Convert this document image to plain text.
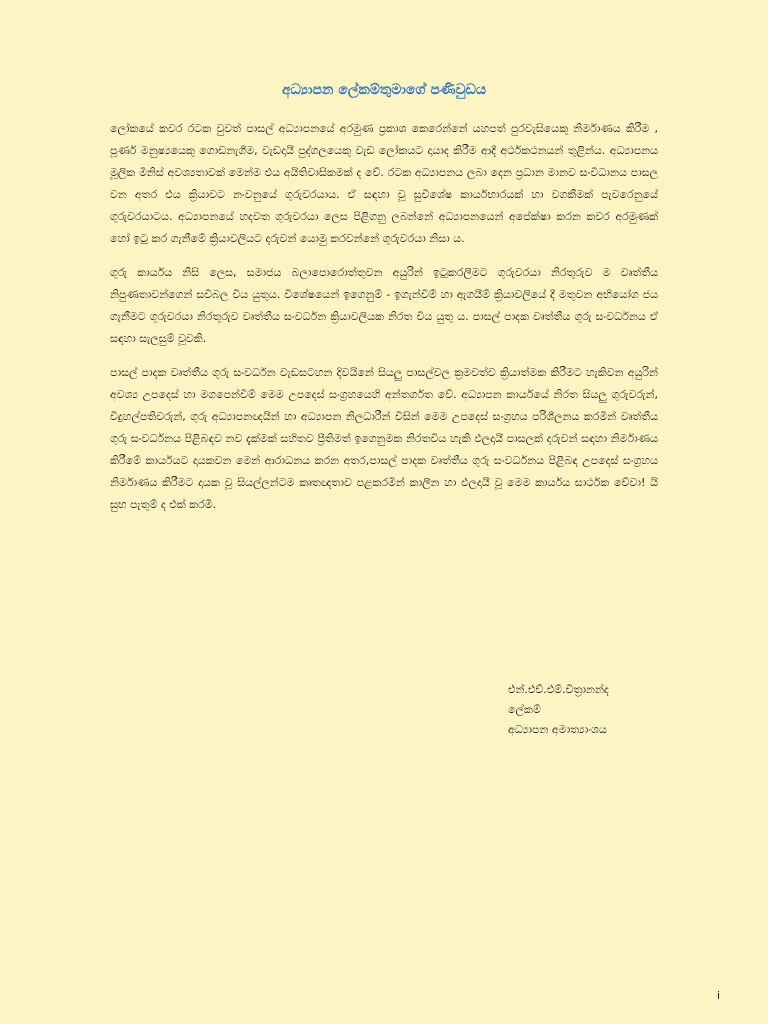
අධ්‍යාපන ලේකම්තුමාගේ පණිවුඩය

ලෝකයේ කවර රටක වුවත් පාසල් අධ්‍යාපනයේ අරමුණ ප්‍රකාශ කෙරෙන්නේ යහපත් පුරවැසියෙකු නිර්මාණය කිරීම , පූර්ණ මනුෂ්‍යයෙකු ගොඩනැගීම, වැඩදායී පුද්ගලයෙකු වැඩ ලෝකයට දායාද කිරීම ආදී අර්ථකථනයන් තුළින්ය. අධ්‍යාපනය මූලික මිනිස් අවශ්‍යතාවක් මෙන්ම එය අයිතිවාසිකමක් ද වේ. රටක අධ්‍යාපනය ලබා දෙන ප්‍රධාන මානව සංවිධානය පාසල වන අතර එය ක්‍රියාවට නංවනුයේ ගුරුවරයාය. ඒ සඳහා වූ සුවිශේෂ කාර්යභාරයක් හා වගකීමක් පැවරෙනුයේ ගුරුවරයාටය. අධ්‍යාපනයේ හදවත ගුරුවරයා ලෙස පිළිගනු ලබන්නේ අධ්‍යාපනයෙන් අපේක්ෂා කරන කවර අරමුණක් හෝ ඉටු කර ගැනීමේ ක්‍රියාවලියට දරුවන් යොමු කරවන්නේ ගුරුවරයා නිසා ය.

ගුරු කාර්යය නිසි ලෙස, සමාජය බලාපොරොත්තුවන අයුරින් ඉටුකරලීමට ගුරුවරයා නිරතුරුව ම වෘත්තීය නිපුණතාවන්ගෙන් සවිබල විය යුතුය. විශේෂයෙන් ඉගෙනුම් - ඉගැන්වීම් හා ඇගයීම් ක්‍රියාවලියේ දී මතුවන අභියෝග ජය ගැනීමට ගුරුවරයා නිරතුරුව වෘත්තීය සංවර්ධන ක්‍රියාවලියක නිරත විය යුතු ය. පාසල් පාදක වෘත්තීය ගුරු සංවර්ධනය ඒ සඳහා සැලසුම් වූවකි.

පාසල් පාදක වෘත්තීය ගුරු සංවර්ධන වැඩසටහන දිවයිනේ සියලු පාසල්වල ක්‍රමවත්ව ක්‍රියාත්මක කිරීමට හැකිවන අයුරින් අවශ්‍ය උපදෙස් හා මගපෙන්වීම් මෙම උපදෙස් සංග්‍රහයෙහි අන්තර්ගත වේ. අධ්‍යාපන කාර්යයේ නිරත සියලු ගුරුවරුන්, විදුහල්පතිවරුන්, ගුරු අධ්‍යාපනඥයින් හා අධ්‍යාපන නිලධාරීන් විසින් මෙම උපදෙස් සංග්‍රහය පරිශීලනය කරමින් වෘත්තීය ගුරු සංවර්ධනය පිළිබඳව නව දැක්මක් සහිතව ප්‍රීතිමත් ඉගෙනුමක නිරතවිය හැකි ඵලදායී පාසලක් දරුවන් සඳහා නිර්මාණය කිරීමේ කාර්යයට දායකවන මෙන් ආරාධනය කරන අතර,පාසල් පාදක වෘත්තීය ගුරු සංවර්ධනය පිළිබඳ උපදෙස් සංග්‍රහය නිර්මාණය කිරීමට දායක වූ සියල්ලන්ටම කෘතඥතාව පළකරමින් කාලීන හා ඵලදායී වූ මෙම කාර්යය සාර්ථක වේවා! යි සුභ පැතුම් ද එක් කරමි.

එන්.එච්.එම්.චිත්‍රානන්ද

ලේකම්

අධ්‍යාපන අමාත්‍යාංශය

i
